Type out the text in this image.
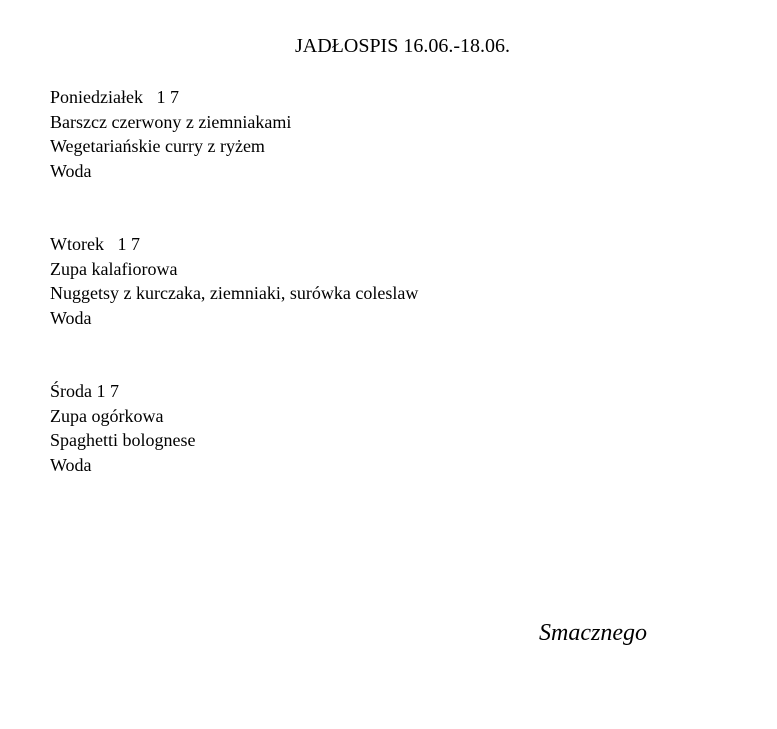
JADŁOSPIS 16.06.-18.06.
Poniedziałek   1 7
Barszcz czerwony z ziemniakami
Wegetariańskie curry z ryżem
Woda
Wtorek   1 7
Zupa kalafiorowa
Nuggetsy z kurczaka, ziemniaki, surówka coleslaw
Woda
Środa 1 7
Zupa ogórkowa
Spaghetti bolognese
Woda
Smacznego
